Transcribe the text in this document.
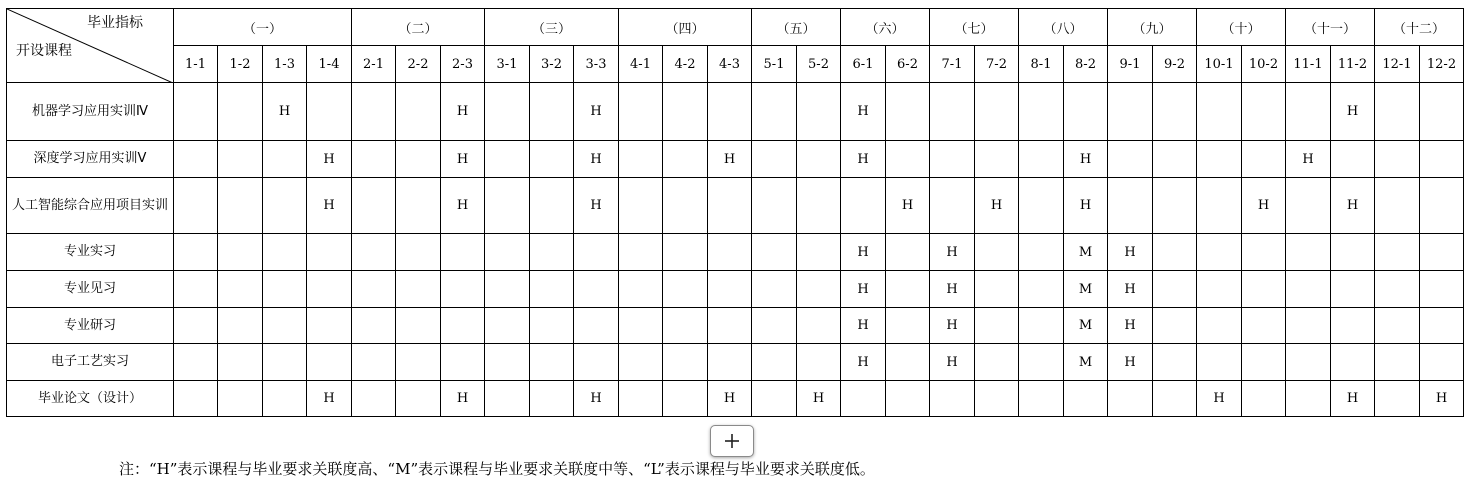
毕业指标
开设课程	（一）				（二）			（三）			（四）			（五）		（六）		（七）		（八）		（九）		（十）		（十一）		（十二）	
	1-1	1-2	1-3	1-4	2-1	2-2	2-3	3-1	3-2	3-3	4-1	4-2	4-3	5-1	5-2	6-1	6-2	7-1	7-2	8-1	8-2	9-1	9-2	10-1	10-2	11-1	11-2	12-1	12-2
机器学习应用实训Ⅳ			H				H			H						H											H		
深度学习应用实训Ⅴ				H			H			H			H			H					H					H			
人工智能综合应用项目实训				H			H			H							H		H		H				H		H		
专业实习																H		H			M	H							
专业见习																H		H			M	H							
专业研习																H		H			M	H							
电子工艺实习																H		H			M	H							
毕业论文（设计）				H			H			H			H		H									H			H		H
注：“H”表示课程与毕业要求关联度高、“M”表示课程与毕业要求关联度中等、“L”表示课程与毕业要求关联度低。
